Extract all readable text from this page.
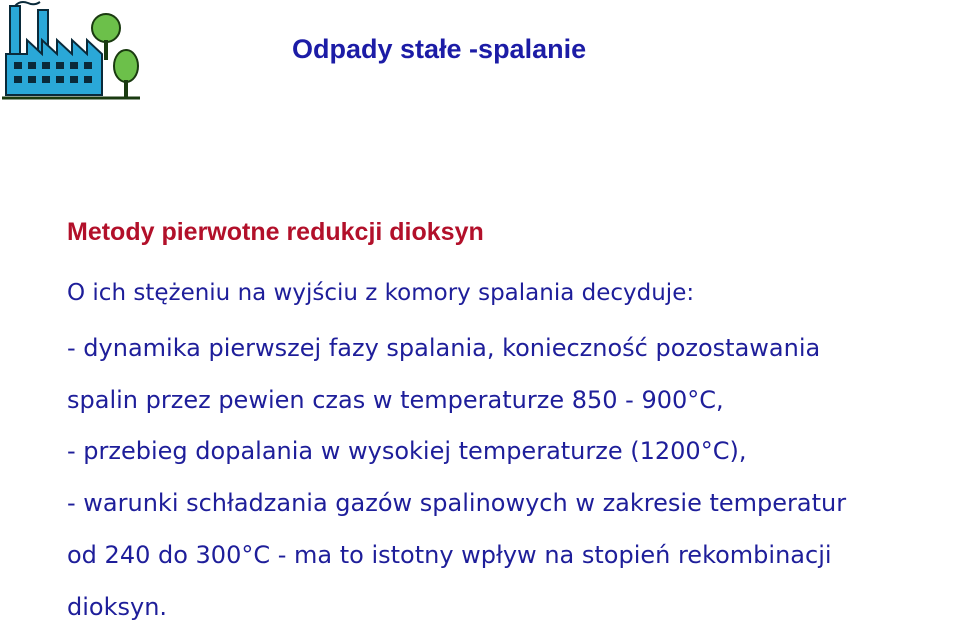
Odpady stałe -spalanie
Metody pierwotne redukcji dioksyn
O ich stężeniu na wyjściu z komory spalania decyduje:
- dynamika pierwszej fazy spalania, konieczność pozostawania
spalin przez pewien czas w temperaturze 850 - 900°C,
- przebieg dopalania w wysokiej temperaturze (1200°C),
- warunki schładzania gazów spalinowych w zakresie temperatur
od 240 do 300°C - ma to istotny wpływ na stopień rekombinacji
dioksyn.
